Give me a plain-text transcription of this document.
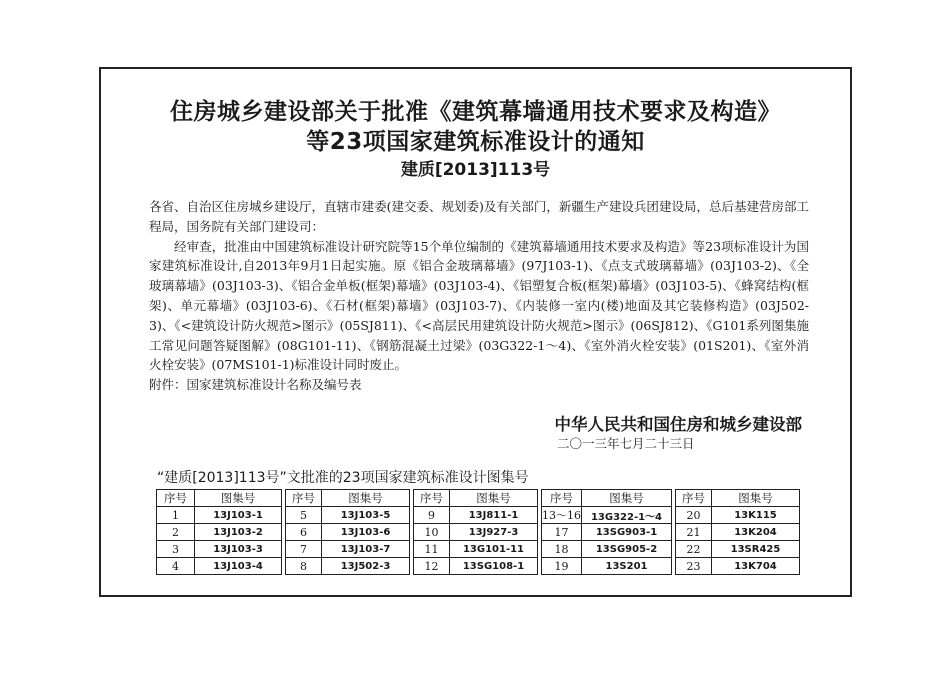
住房城乡建设部关于批准《建筑幕墙通用技术要求及构造》
等23项国家建筑标准设计的通知
建质[2013]113号

各省、自治区住房城乡建设厅，直辖市建委(建交委、规划委)及有关部门，新疆生产建设兵团建设局，总后基建营房部工程局，国务院有关部门建设司：

经审查，批准由中国建筑标准设计研究院等15个单位编制的《建筑幕墙通用技术要求及构造》等23项标准设计为国家建筑标准设计,自2013年9月1日起实施。原《铝合金玻璃幕墙》(97J103-1)、《点支式玻璃幕墙》(03J103-2)、《全玻璃幕墙》(03J103-3)、《铝合金单板(框架)幕墙》(03J103-4)、《铝塑复合板(框架)幕墙》(03J103-5)、《蜂窝结构(框架)、单元幕墙》(03J103-6)、《石材(框架)幕墙》(03J103-7)、《内装修一室内(楼)地面及其它装修构造》(03J502-3)、《<建筑设计防火规范>图示》(05SJ811)、《<高层民用建筑设计防火规范>图示》(06SJ812)、《G101系列图集施工常见问题答疑图解》(08G101-11)、《钢筋混凝土过梁》(03G322-1～4)、《室外消火栓安装》(01S201)、《室外消火栓安装》(07MS101-1)标准设计同时废止。

附件：国家建筑标准设计名称及编号表

中华人民共和国住房和城乡建设部
二〇一三年七月二十三日
“建质[2013]113号”文批准的23项国家建筑标准设计图集号
序号	图集号
1	13J103-1
2	13J103-2
3	13J103-3
4	13J103-4
序号	图集号
5	13J103-5
6	13J103-6
7	13J103-7
8	13J502-3
序号	图集号
9	13J811-1
10	13J927-3
11	13G101-11
12	13SG108-1
序号	图集号
13～16	13G322-1～4
17	13SG903-1
18	13SG905-2
19	13S201
序号	图集号
20	13K115
21	13K204
22	13SR425
23	13K704
